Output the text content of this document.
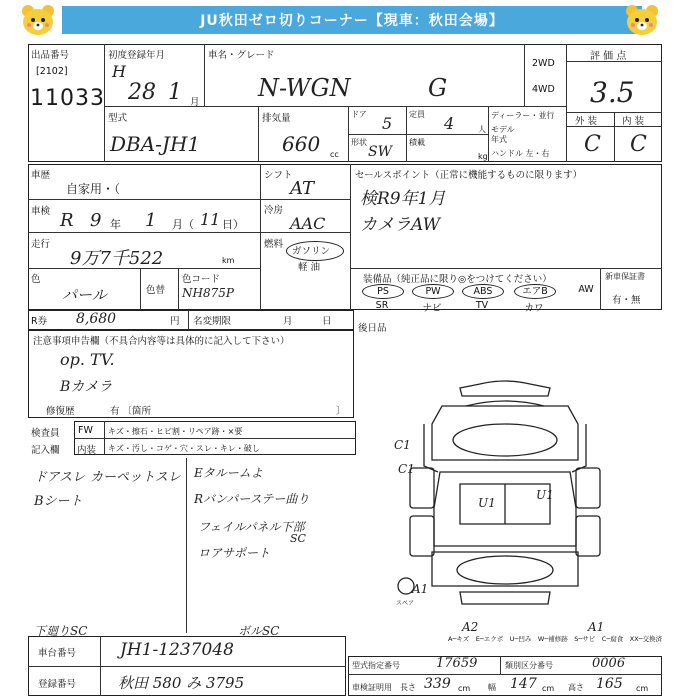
JU秋田ゼロ切りコーナー【現車：秋田会場】
出品番号
[2102]
11033
初度登録年月
H
28 1 月
車名・グレード
N-WGN	G
2WD
4WD
評 価 点
3.5
型式
DBA-JH1
排気量
660 cc
ドア 5 定員 4	人
形状
SW
積載
kg
ディーラー・並行
モデル
年式
ハンドル 左・右
外 装	内 装
C C
車歴
自家用・（
シフト
AT
セールスポイント（正常に機能するものに限ります）
検R9年1月
カメラAW
車検 R 9 年 1 月（ 11 日）
冷房
AAC
走行
9万7千522	km
燃料
ガソリン
軽 油
色
パール	色替
色コード
NH875P
装備品（純正品に限り◎をつけてください）	新車保証書
有・無
PS	PW	ABS	エアB	AW
SR	ナビ	TV	カワ
R券 8,680	円 名変期限	月	日
後日品
注意事項申告欄（不具合内容等は具体的に記入して下さい）
op. TV.
Bカメラ
修復歴	有 〔箇所	〕
検査員
記入欄
FW キズ・擦石・ヒビ割・リペア跡・×要
内装 キズ・汚し・コゲ・穴・スレ・キレ・破し
ドアスレ カーペットスレ
Bシート
Eタルームよ
Rバンパーステー曲り
フェイルパネル下部
ロアサポート
SC
下廻りSC	ボルSC
C1
C1
U1
U1
A1
A2	A1
スペア
A─キズ　E─エクボ　U─凹み　W─補修跡　S─サビ　C─腐食　XX─交換済
車台番号	JH1-1237048
登録番号	秋田 580 み 3795
型式指定番号	17659	類別区分番号	0006
車検証明用 長さ 339 cm 幅 147 cm 高さ 165 cm
